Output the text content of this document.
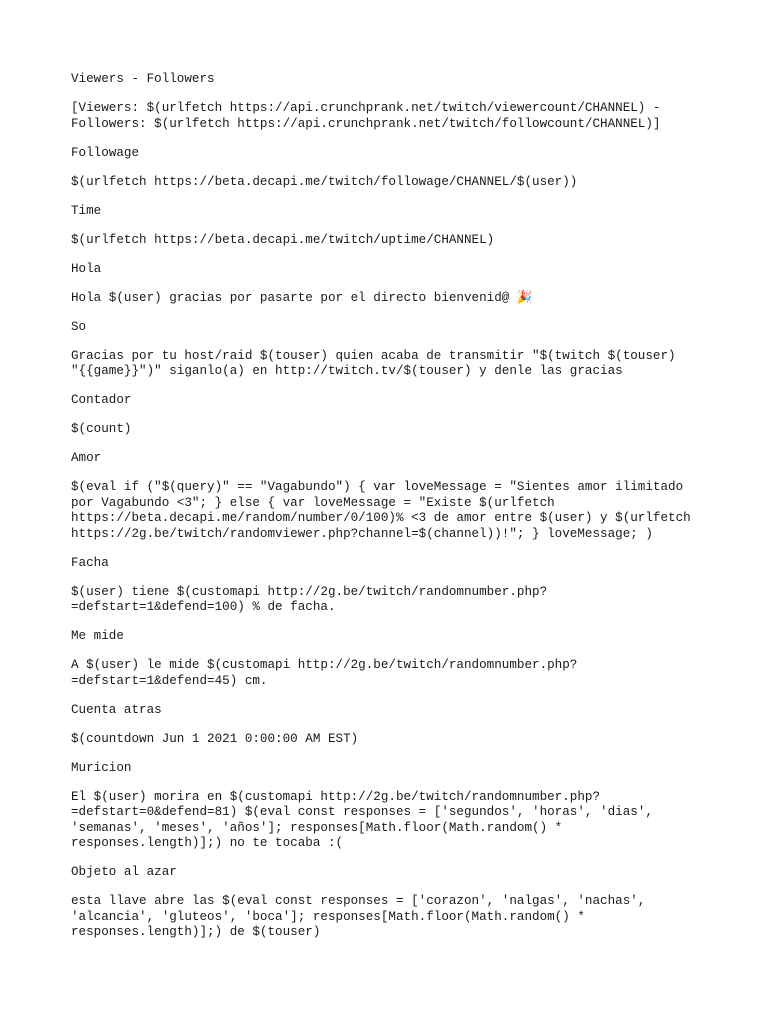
Viewers - Followers

[Viewers: $(urlfetch https://api.crunchprank.net/twitch/viewercount/CHANNEL) -
Followers: $(urlfetch https://api.crunchprank.net/twitch/followcount/CHANNEL)]

Followage

$(urlfetch https://beta.decapi.me/twitch/followage/CHANNEL/$(user))

Time

$(urlfetch https://beta.decapi.me/twitch/uptime/CHANNEL)

Hola

Hola $(user) gracias por pasarte por el directo bienvenid@ 🎉

So

Gracias por tu host/raid $(touser) quien acaba de transmitir "$(twitch $(touser)
"{{game}}")" siganlo(a) en http://twitch.tv/$(touser) y denle las gracias

Contador

$(count)

Amor

$(eval if ("$(query)" == "Vagabundo") { var loveMessage = "Sientes amor ilimitado
por Vagabundo <3"; } else { var loveMessage = "Existe $(urlfetch
https://beta.decapi.me/random/number/0/100)% <3 de amor entre $(user) y $(urlfetch
https://2g.be/twitch/randomviewer.php?channel=$(channel))!"; } loveMessage; )

Facha

$(user) tiene $(customapi http://2g.be/twitch/randomnumber.php?
=defstart=1&defend=100) % de facha.

Me mide

A $(user) le mide $(customapi http://2g.be/twitch/randomnumber.php?
=defstart=1&defend=45) cm.

Cuenta atras

$(countdown Jun 1 2021 0:00:00 AM EST)

Muricion

El $(user) morira en $(customapi http://2g.be/twitch/randomnumber.php?
=defstart=0&defend=81) $(eval const responses = ['segundos', 'horas', 'dias',
'semanas', 'meses', 'años']; responses[Math.floor(Math.random() *
responses.length)];) no te tocaba :(

Objeto al azar

esta llave abre las $(eval const responses = ['corazon', 'nalgas', 'nachas',
'alcancia', 'gluteos', 'boca']; responses[Math.floor(Math.random() *
responses.length)];) de $(touser)
